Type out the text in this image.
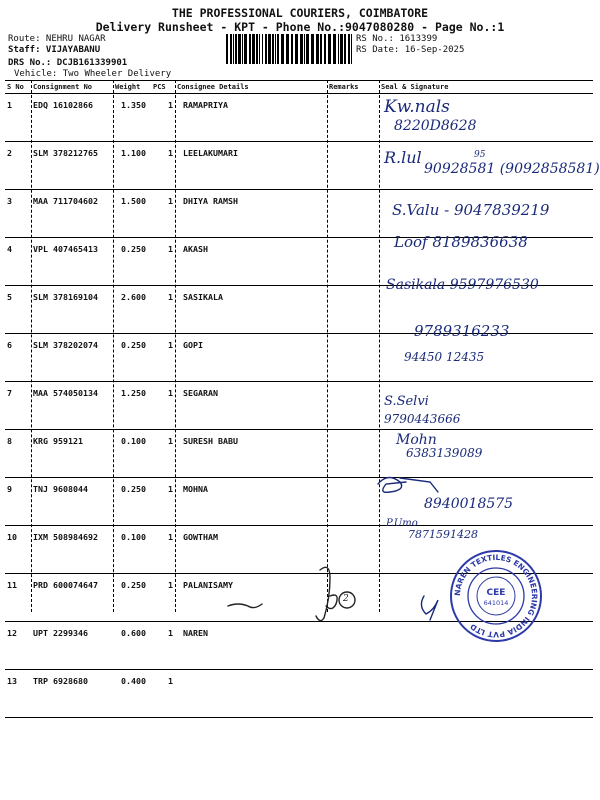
THE PROFESSIONAL COURIERS, COIMBATORE
Delivery Runsheet - KPT - Phone No.:9047080280 - Page No.:1
Route: NEHRU NAGAR
Staff: VIJAYABANU
DRS No.: DCJB161339901
Vehicle: Two Wheeler Delivery
RS No.: 1613399
RS Date: 16-Sep-2025
S No	Consignment No	Weight	PCS	Consignee Details	Remarks	Seal & Signature
1	EDQ 16102866	1.350	1	RAMAPRIYA		
2	SLM 378212765	1.100	1	LEELAKUMARI		
3	MAA 711704602	1.500	1	DHIYA RAMSH		
4	VPL 407465413	0.250	1	AKASH		
5	SLM 378169104	2.600	1	SASIKALA		
6	SLM 378202074	0.250	1	GOPI		
7	MAA 574050134	1.250	1	SEGARAN		
8	KRG 959121	0.100	1	SURESH BABU		
9	TNJ 9608044	0.250	1	MOHNA		
10	IXM 508984692	0.100	1	GOWTHAM		
11	PRD 600074647	0.250	1	PALANISAMY		
12	UPT 2299346	0.600	1	NAREN		
13	TRP 6928680	0.400	1			
Kw.nals
8220D8628
R.lul	95
90928581 (9092858581)
S.Valu - 9047839219
Loof 8189836638
Sasikala 9597976530
9789316233
94450 12435
S.Selvi
9790443666
Mohn
6383139089
8940018575
P.Umo
7871591428
2
NAREN TEXTILES ENGINEERING INDIA PVT LTD
CEE
641014
